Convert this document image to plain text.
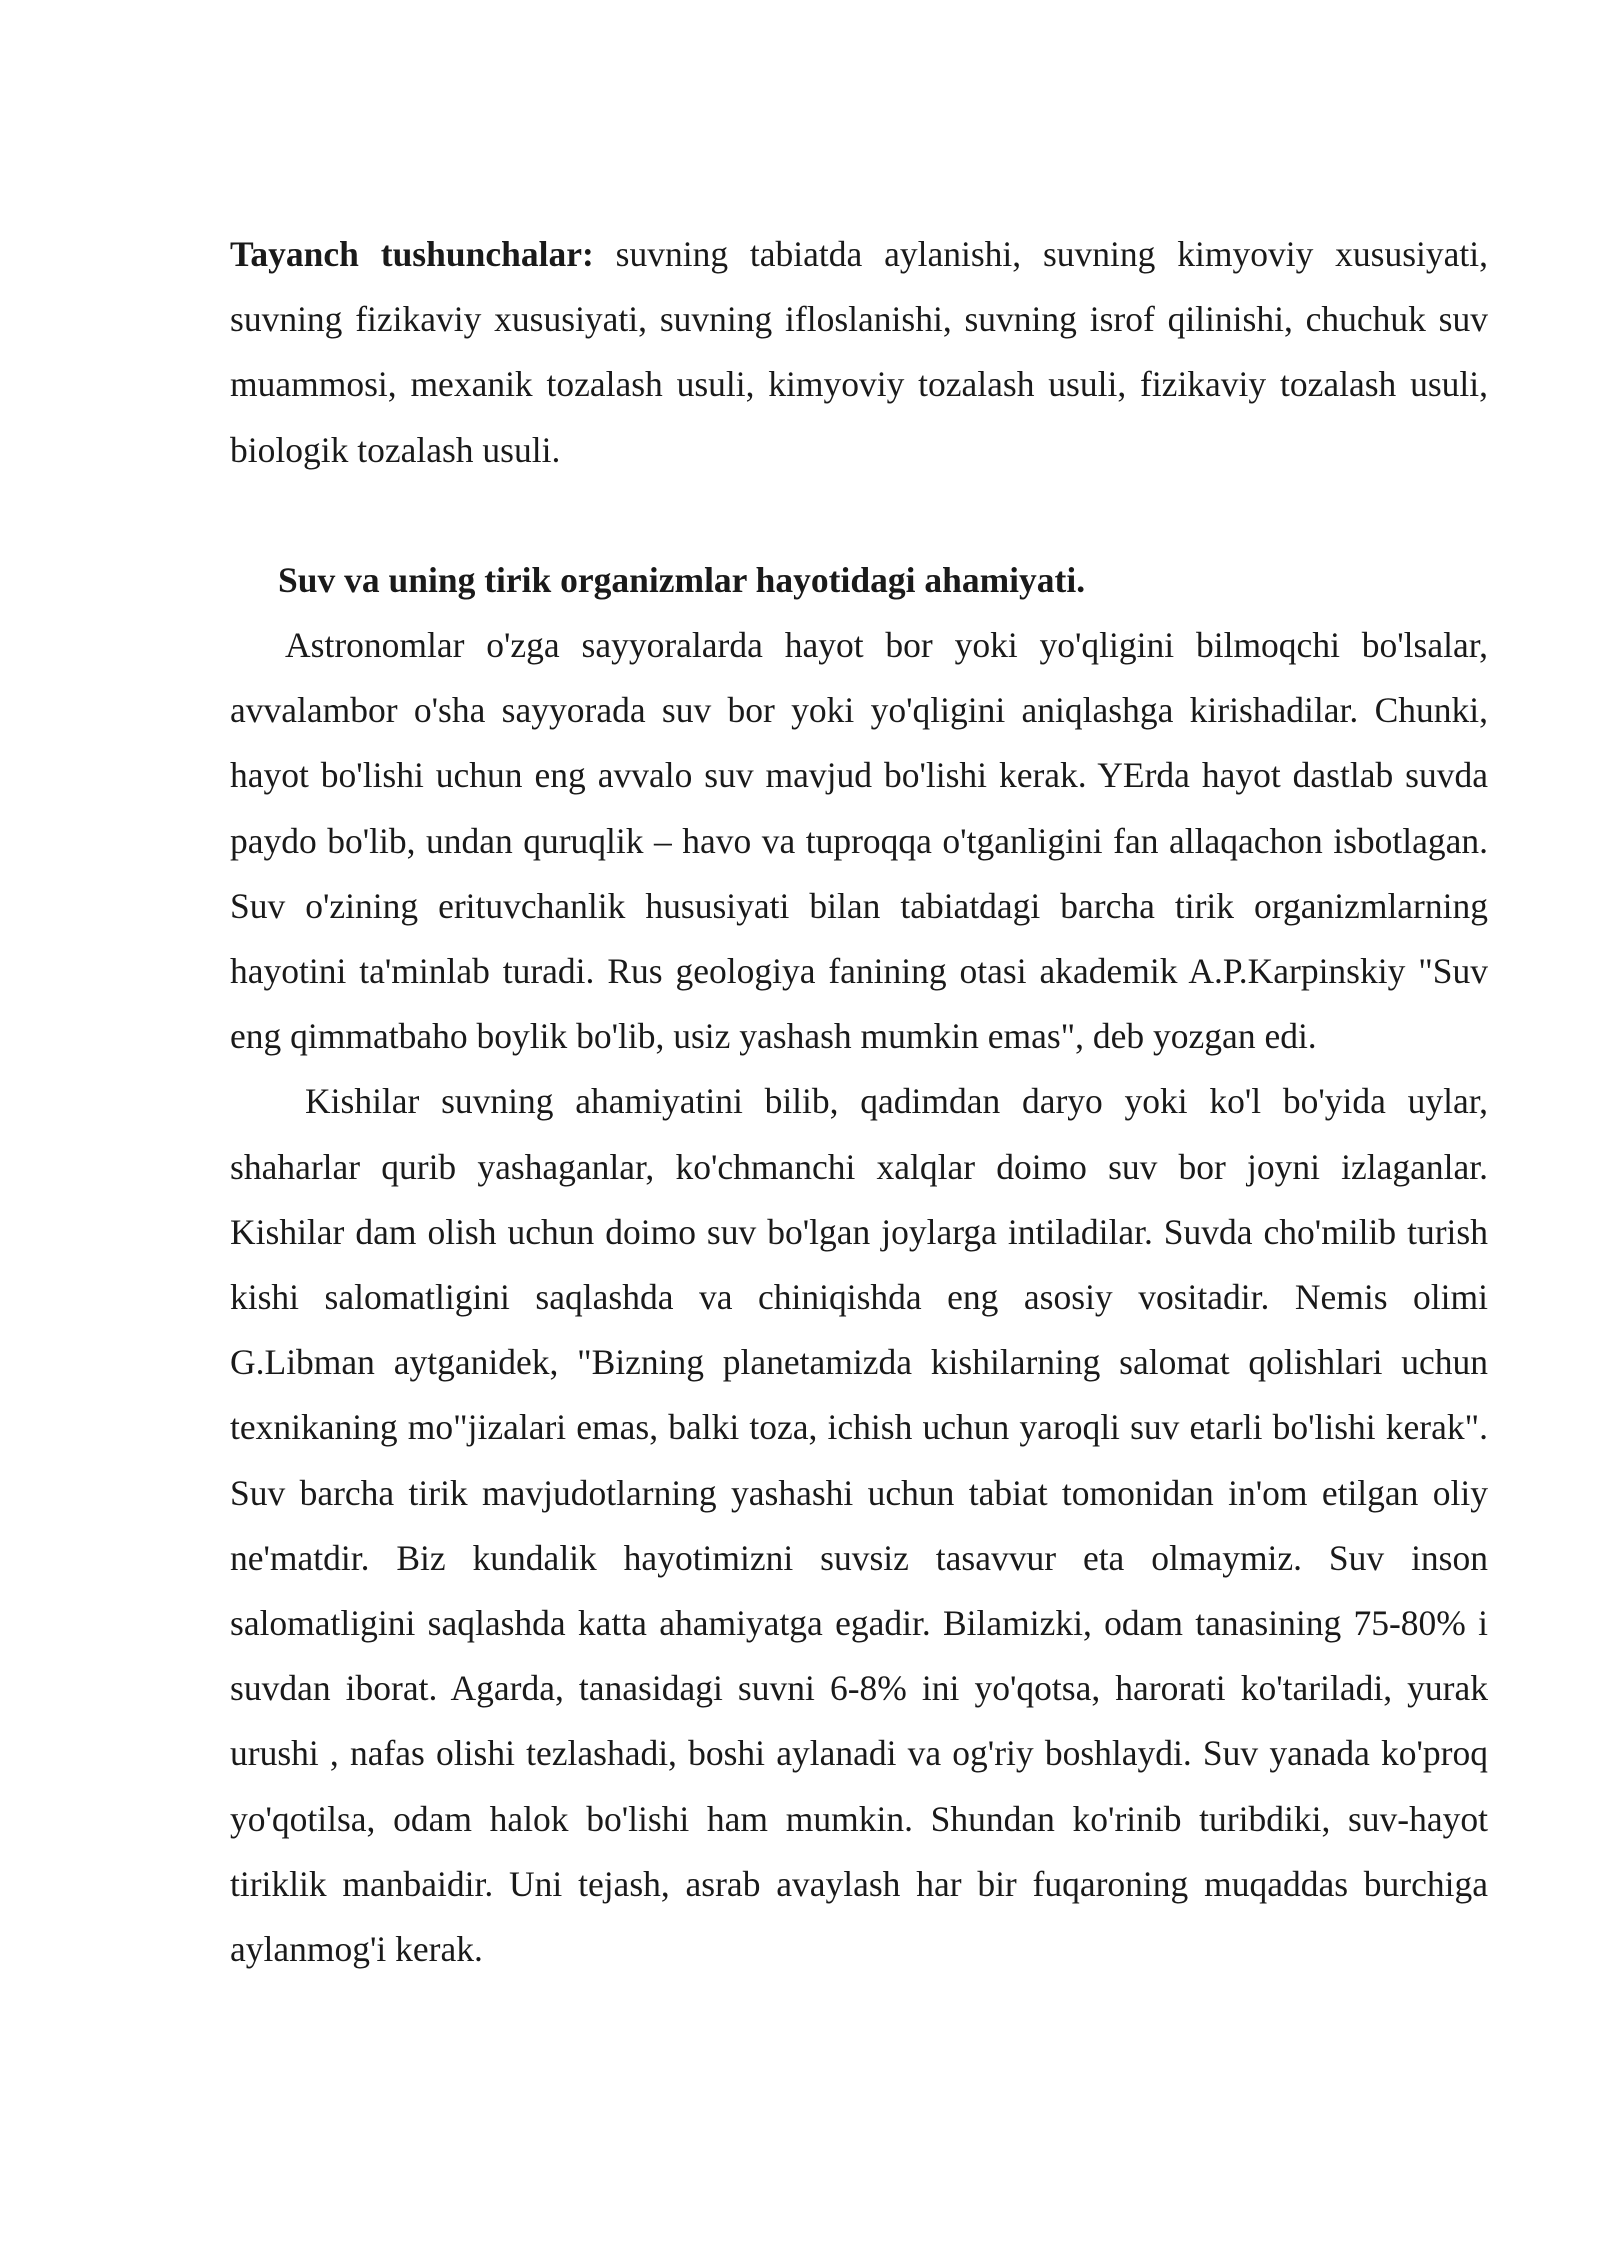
Tayanch tushunchalar: suvning tabiatda aylanishi, suvning kimyoviy xususiyati, suvning fizikaviy xususiyati, suvning ifloslanishi, suvning isrof qilinishi, chuchuk suv muammosi, mexanik tozalash usuli, kimyoviy tozalash usuli, fizikaviy tozalash usuli, biologik tozalash usuli.

Suv va uning tirik organizmlar hayotidagi ahamiyati.

Astronomlar o'zga sayyoralarda hayot bor yoki yo'qligini bilmoqchi bo'lsalar, avvalambor o'sha sayyorada suv bor yoki yo'qligini aniqlashga kirishadilar. Chunki, hayot bo'lishi uchun eng avvalo suv mavjud bo'lishi kerak. YErda hayot dastlab suvda paydo bo'lib, undan quruqlik – havo va tuproqqa o'tganligini fan allaqachon isbotlagan. Suv o'zining erituvchanlik hususiyati bilan tabiatdagi barcha tirik organizmlarning hayotini ta'minlab turadi. Rus geologiya fanining otasi akademik A.P.Karpinskiy "Suv eng qimmatbaho boylik bo'lib, usiz yashash mumkin emas", deb yozgan edi.

Kishilar suvning ahamiyatini bilib, qadimdan daryo yoki ko'l bo'yida uylar, shaharlar qurib yashaganlar, ko'chmanchi xalqlar doimo suv bor joyni izlaganlar. Kishilar dam olish uchun doimo suv bo'lgan joylarga intiladilar. Suvda cho'milib turish kishi salomatligini saqlashda va chiniqishda eng asosiy vositadir. Nemis olimi G.Libman aytganidek, "Bizning planetamizda kishilarning salomat qolishlari uchun texnikaning mo"jizalari emas, balki toza, ichish uchun yaroqli suv etarli bo'lishi kerak". Suv barcha tirik mavjudotlarning yashashi uchun tabiat tomonidan in'om etilgan oliy ne'matdir. Biz kundalik hayotimizni suvsiz tasavvur eta olmaymiz. Suv inson salomatligini saqlashda katta ahamiyatga egadir. Bilamizki, odam tanasining 75-80% i suvdan iborat. Agarda, tanasidagi suvni 6-8% ini yo'qotsa, harorati ko'tariladi, yurak urushi , nafas olishi tezlashadi, boshi aylanadi va og'riy boshlaydi. Suv yanada ko'proq yo'qotilsa, odam halok bo'lishi ham mumkin. Shundan ko'rinib turibdiki, suv-hayot tiriklik manbaidir. Uni tejash, asrab avaylash har bir fuqaroning muqaddas burchiga aylanmog'i kerak.
